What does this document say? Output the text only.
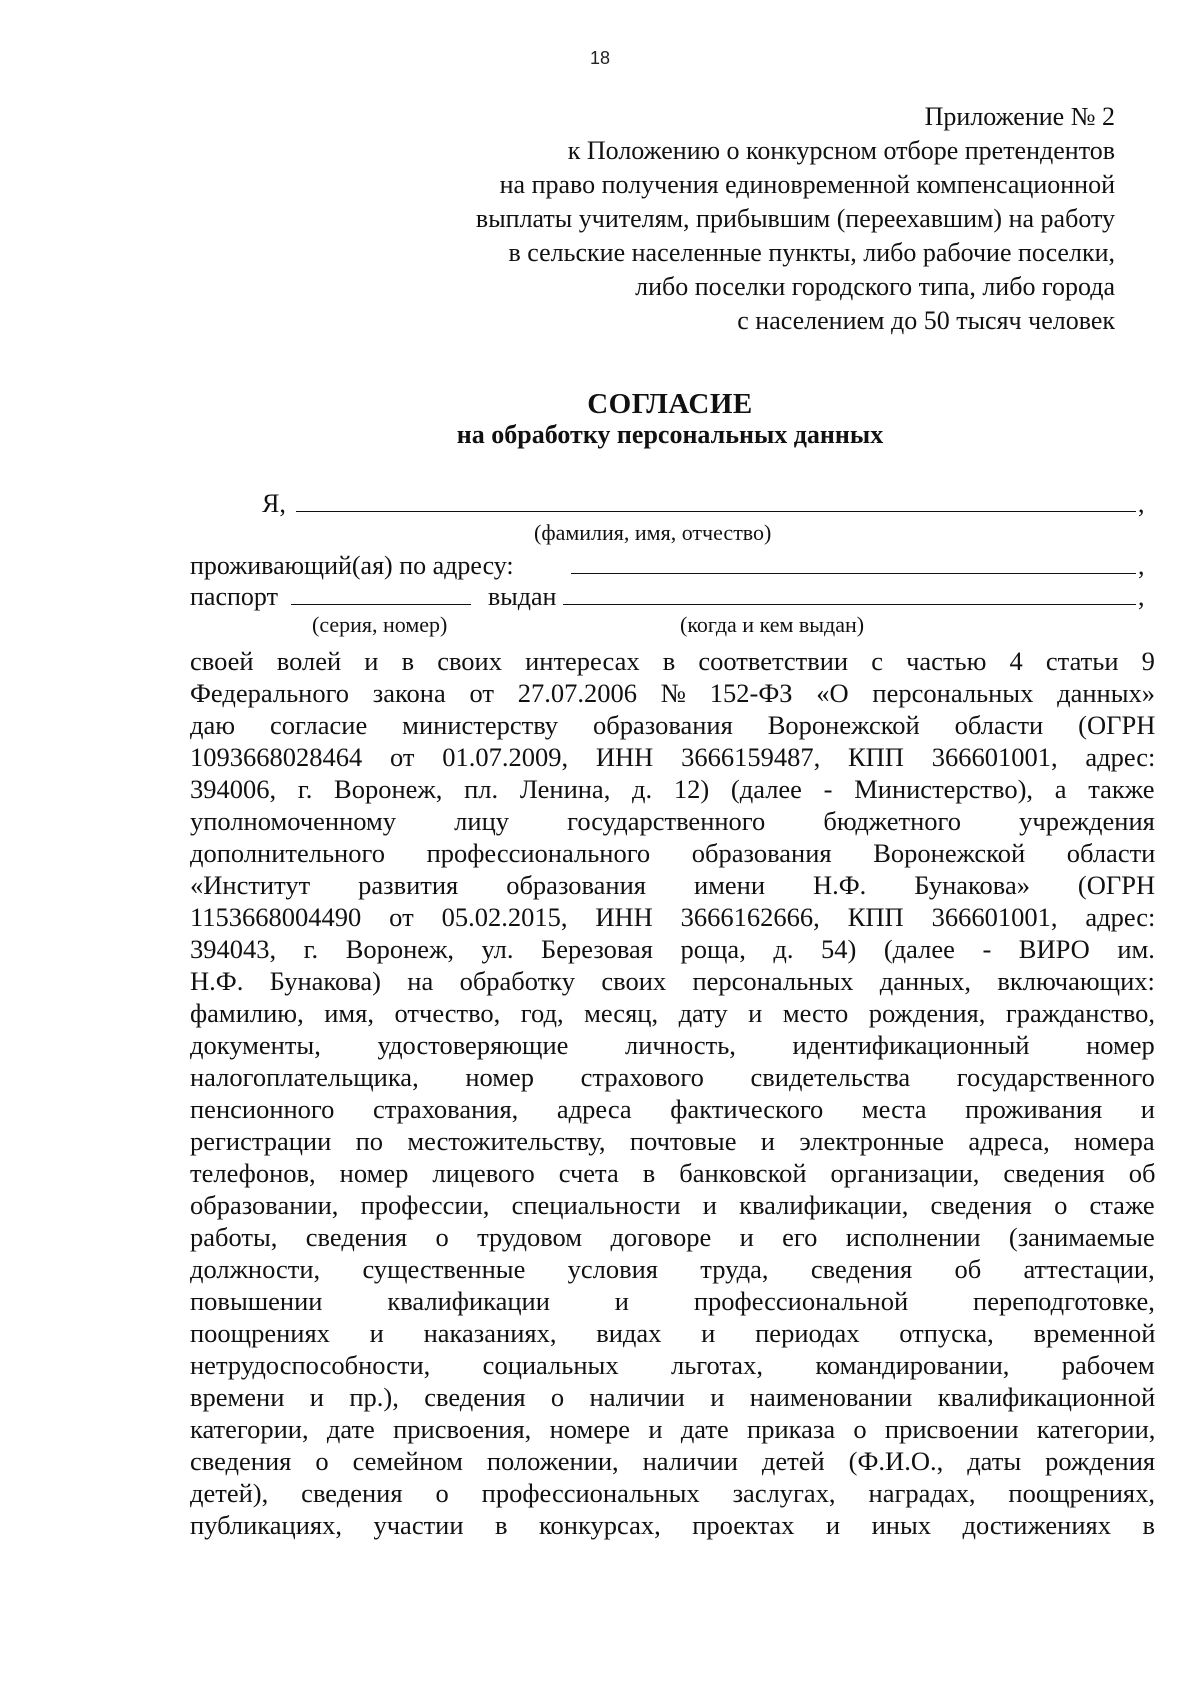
18
Приложение № 2
к Положению о конкурсном отборе претендентов
на право получения единовременной компенсационной
выплаты учителям, прибывшим (переехавшим) на работу
в сельские населенные пункты, либо рабочие поселки,
либо поселки городского типа, либо города
с населением до 50 тысяч человек
СОГЛАСИЕ
на обработку персональных данных
Я,	,
(фамилия, имя, отчество)
проживающий(ая) по адресу:	,
паспорт	выдан	,
(серия, номер)	(когда и кем выдан)
своей волей и в своих интересах в соответствии с частью 4 статьи 9
Федерального закона от 27.07.2006 № 152-ФЗ «О персональных данных»
даю согласие министерству образования Воронежской области (ОГРН
1093668028464 от 01.07.2009, ИНН 3666159487, КПП 366601001, адрес:
394006, г. Воронеж, пл. Ленина, д. 12) (далее - Министерство), а также
уполномоченному лицу государственного бюджетного учреждения
дополнительного профессионального образования Воронежской области
«Институт развития образования имени Н.Ф. Бунакова» (ОГРН
1153668004490 от 05.02.2015, ИНН 3666162666, КПП 366601001, адрес:
394043, г. Воронеж, ул. Березовая роща, д. 54) (далее - ВИРО им.
Н.Ф. Бунакова) на обработку своих персональных данных, включающих:
фамилию, имя, отчество, год, месяц, дату и место рождения, гражданство,
документы, удостоверяющие личность, идентификационный номер
налогоплательщика, номер страхового свидетельства государственного
пенсионного страхования, адреса фактического места проживания и
регистрации по местожительству, почтовые и электронные адреса, номера
телефонов, номер лицевого счета в банковской организации, сведения об
образовании, профессии, специальности и квалификации, сведения о стаже
работы, сведения о трудовом договоре и его исполнении (занимаемые
должности, существенные условия труда, сведения об аттестации,
повышении квалификации и профессиональной переподготовке,
поощрениях и наказаниях, видах и периодах отпуска, временной
нетрудоспособности, социальных льготах, командировании, рабочем
времени и пр.), сведения о наличии и наименовании квалификационной
категории, дате присвоения, номере и дате приказа о присвоении категории,
сведения о семейном положении, наличии детей (Ф.И.О., даты рождения
детей), сведения о профессиональных заслугах, наградах, поощрениях,
публикациях, участии в конкурсах, проектах и иных достижениях в
